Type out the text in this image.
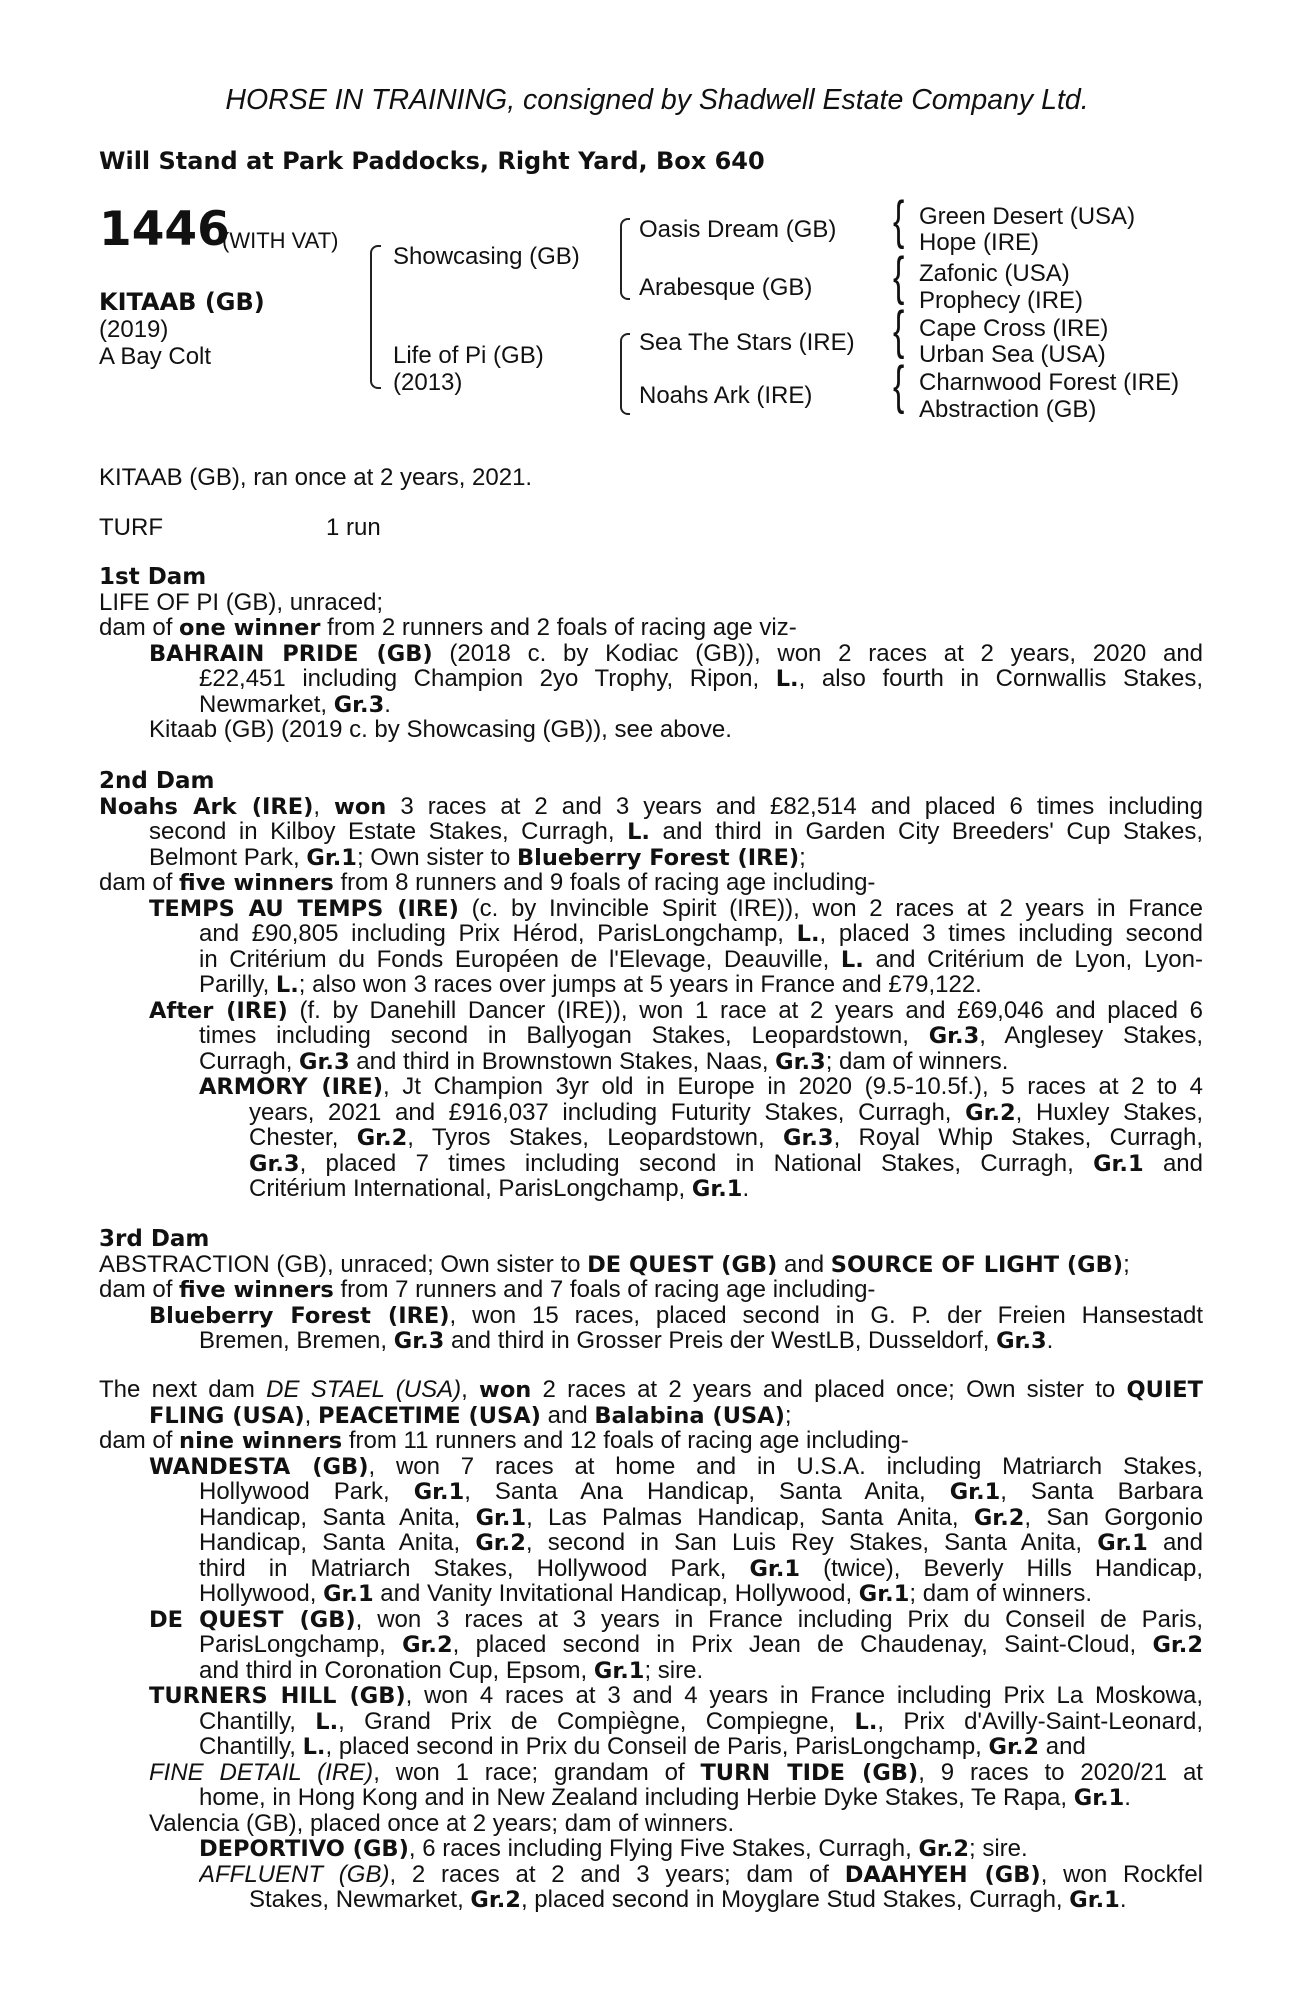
HORSE IN TRAINING, consigned by Shadwell Estate Company Ltd.
Will Stand at Park Paddocks, Right Yard, Box 640
1446
(WITH VAT)
KITAAB (GB)
(2019)
A Bay Colt
{
{
{
{
Showcasing (GB)
Life of Pi (GB)
(2013)
Oasis Dream (GB)
Arabesque (GB)
Sea The Stars (IRE)
Noahs Ark (IRE)
Green Desert (USA)
Hope (IRE)
Zafonic (USA)
Prophecy (IRE)
Cape Cross (IRE)
Urban Sea (USA)
Charnwood Forest (IRE)
Abstraction (GB)
KITAAB (GB), ran once at 2 years, 2021.
TURF	1 run
1st Dam
LIFE OF PI (GB), unraced;
dam of one winner from 2 runners and 2 foals of racing age viz-
BAHRAIN PRIDE (GB) (2018 c. by Kodiac (GB)), won 2 races at 2 years, 2020 and
£22,451 including Champion 2yo Trophy, Ripon, L., also fourth in Cornwallis Stakes,
Newmarket, Gr.3.
Kitaab (GB) (2019 c. by Showcasing (GB)), see above.
2nd Dam
Noahs Ark (IRE), won 3 races at 2 and 3 years and £82,514 and placed 6 times including
second in Kilboy Estate Stakes, Curragh, L. and third in Garden City Breeders' Cup Stakes,
Belmont Park, Gr.1; Own sister to Blueberry Forest (IRE);
dam of five winners from 8 runners and 9 foals of racing age including-
TEMPS AU TEMPS (IRE) (c. by Invincible Spirit (IRE)), won 2 races at 2 years in France
and £90,805 including Prix Hérod, ParisLongchamp, L., placed 3 times including second
in Critérium du Fonds Européen de l'Elevage, Deauville, L. and Critérium de Lyon, Lyon-
Parilly, L.; also won 3 races over jumps at 5 years in France and £79,122.
After (IRE) (f. by Danehill Dancer (IRE)), won 1 race at 2 years and £69,046 and placed 6
times including second in Ballyogan Stakes, Leopardstown, Gr.3, Anglesey Stakes,
Curragh, Gr.3 and third in Brownstown Stakes, Naas, Gr.3; dam of winners.
ARMORY (IRE), Jt Champion 3yr old in Europe in 2020 (9.5-10.5f.), 5 races at 2 to 4
years, 2021 and £916,037 including Futurity Stakes, Curragh, Gr.2, Huxley Stakes,
Chester, Gr.2, Tyros Stakes, Leopardstown, Gr.3, Royal Whip Stakes, Curragh,
Gr.3, placed 7 times including second in National Stakes, Curragh, Gr.1 and
Critérium International, ParisLongchamp, Gr.1.
3rd Dam
ABSTRACTION (GB), unraced; Own sister to DE QUEST (GB) and SOURCE OF LIGHT (GB);
dam of five winners from 7 runners and 7 foals of racing age including-
Blueberry Forest (IRE), won 15 races, placed second in G. P. der Freien Hansestadt
Bremen, Bremen, Gr.3 and third in Grosser Preis der WestLB, Dusseldorf, Gr.3.
The next dam DE STAEL (USA), won 2 races at 2 years and placed once; Own sister to QUIET
FLING (USA), PEACETIME (USA) and Balabina (USA);
dam of nine winners from 11 runners and 12 foals of racing age including-
WANDESTA (GB), won 7 races at home and in U.S.A. including Matriarch Stakes,
Hollywood Park, Gr.1, Santa Ana Handicap, Santa Anita, Gr.1, Santa Barbara
Handicap, Santa Anita, Gr.1, Las Palmas Handicap, Santa Anita, Gr.2, San Gorgonio
Handicap, Santa Anita, Gr.2, second in San Luis Rey Stakes, Santa Anita, Gr.1 and
third in Matriarch Stakes, Hollywood Park, Gr.1 (twice), Beverly Hills Handicap,
Hollywood, Gr.1 and Vanity Invitational Handicap, Hollywood, Gr.1; dam of winners.
DE QUEST (GB), won 3 races at 3 years in France including Prix du Conseil de Paris,
ParisLongchamp, Gr.2, placed second in Prix Jean de Chaudenay, Saint-Cloud, Gr.2
and third in Coronation Cup, Epsom, Gr.1; sire.
TURNERS HILL (GB), won 4 races at 3 and 4 years in France including Prix La Moskowa,
Chantilly, L., Grand Prix de Compiègne, Compiegne, L., Prix d'Avilly-Saint-Leonard,
Chantilly, L., placed second in Prix du Conseil de Paris, ParisLongchamp, Gr.2 and
FINE DETAIL (IRE), won 1 race; grandam of TURN TIDE (GB), 9 races to 2020/21 at
home, in Hong Kong and in New Zealand including Herbie Dyke Stakes, Te Rapa, Gr.1.
Valencia (GB), placed once at 2 years; dam of winners.
DEPORTIVO (GB), 6 races including Flying Five Stakes, Curragh, Gr.2; sire.
AFFLUENT (GB), 2 races at 2 and 3 years; dam of DAAHYEH (GB), won Rockfel
Stakes, Newmarket, Gr.2, placed second in Moyglare Stud Stakes, Curragh, Gr.1.
